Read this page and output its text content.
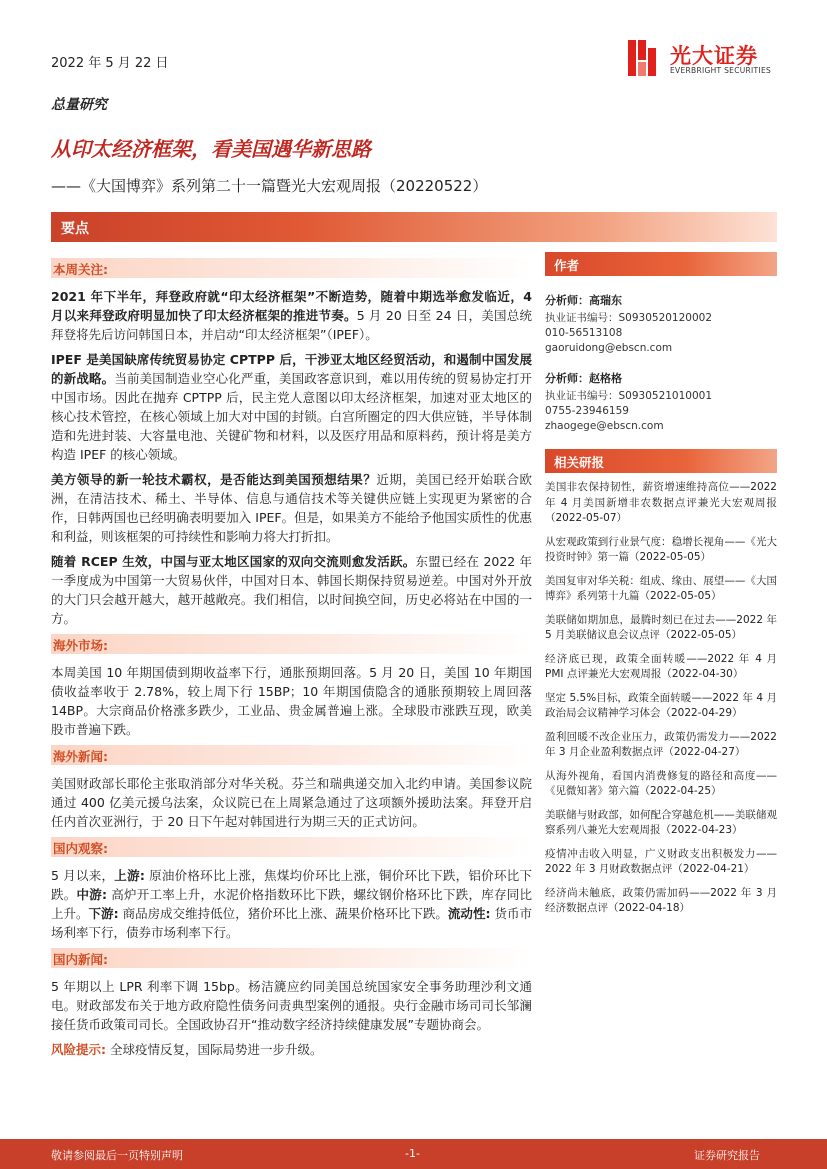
2022 年 5 月 22 日	光大证券
EVERBRIGHT SECURITIES
总量研究
从印太经济框架，看美国遇华新思路
——《大国博弈》系列第二十一篇暨光大宏观周报（20220522）
要点
本周关注:

2021 年下半年，拜登政府就“印太经济框架”不断造势，随着中期选举愈发临近，4 月以来拜登政府明显加快了印太经济框架的推进节奏。5 月 20 日至 24 日，美国总统拜登将先后访问韩国日本，并启动“印太经济框架”（IPEF）。

IPEF 是美国缺席传统贸易协定 CPTPP 后，干涉亚太地区经贸活动，和遏制中国发展的新战略。当前美国制造业空心化严重，美国政客意识到，难以用传统的贸易协定打开中国市场。因此在抛弃 CPTPP 后，民主党人意图以印太经济框架，加速对亚太地区的核心技术管控，在核心领域上加大对中国的封锁。白宫所圈定的四大供应链，半导体制造和先进封装、大容量电池、关键矿物和材料，以及医疗用品和原料药，预计将是美方构造 IPEF 的核心领域。

美方领导的新一轮技术霸权，是否能达到美国预想结果？近期，美国已经开始联合欧洲，在清洁技术、稀土、半导体、信息与通信技术等关键供应链上实现更为紧密的合作，日韩两国也已经明确表明要加入 IPEF。但是，如果美方不能给予他国实质性的优惠和利益，则该框架的可持续性和影响力将大打折扣。

随着 RCEP 生效，中国与亚太地区国家的双向交流则愈发活跃。东盟已经在 2022 年一季度成为中国第一大贸易伙伴，中国对日本、韩国长期保持贸易逆差。中国对外开放的大门只会越开越大，越开越敞亮。我们相信，以时间换空间，历史必将站在中国的一方。

海外市场:

本周美国 10 年期国债到期收益率下行，通胀预期回落。5 月 20 日，美国 10 年期国债收益率收于 2.78%，较上周下行 15BP；10 年期国债隐含的通胀预期较上周回落 14BP。大宗商品价格涨多跌少，工业品、贵金属普遍上涨。全球股市涨跌互现，欧美股市普遍下跌。

海外新闻:

美国财政部长耶伦主张取消部分对华关税。芬兰和瑞典递交加入北约申请。美国参议院通过 400 亿美元援乌法案，众议院已在上周紧急通过了这项额外援助法案。拜登开启任内首次亚洲行，于 20 日下午起对韩国进行为期三天的正式访问。

国内观察:

5 月以来，上游: 原油价格环比上涨，焦煤均价环比上涨，铜价环比下跌，铝价环比下跌。中游: 高炉开工率上升，水泥价格指数环比下跌，螺纹钢价格环比下跌，库存同比上升。下游: 商品房成交维持低位，猪价环比上涨、蔬果价格环比下跌。流动性: 货币市场利率下行，债券市场利率下行。

国内新闻:

5 年期以上 LPR 利率下调 15bp。杨洁篪应约同美国总统国家安全事务助理沙利文通电。财政部发布关于地方政府隐性债务问责典型案例的通报。央行金融市场司司长邹澜接任货币政策司司长。全国政协召开“推动数字经济持续健康发展”专题协商会。

风险提示: 全球疫情反复，国际局势进一步升级。

作者
分析师：高瑞东
执业证书编号：S0930520120002
010-56513108
gaoruidong@ebscn.com
分析师：赵格格
执业证书编号：S0930521010001
0755-23946159
zhaogege@ebscn.com
相关研报
美国非农保持韧性，薪资增速维持高位——2022 年 4 月美国新增非农数据点评兼光大宏观周报（2022-05-07）
从宏观政策到行业景气度：稳增长视角——《光大投资时钟》第一篇（2022-05-05）
美国复审对华关税：组成、缘由、展望——《大国博弈》系列第十九篇（2022-05-05）
美联储如期加息，最腾时刻已在过去——2022 年 5 月美联储议息会议点评（2022-05-05）
经济底已现，政策全面转暖——2022 年 4 月 PMI 点评兼光大宏观周报（2022-04-30）
坚定 5.5%目标，政策全面转暖——2022 年 4 月政治局会议精神学习体会（2022-04-29）
盈利回暖不改企业压力，政策仍需发力——2022 年 3 月企业盈利数据点评（2022-04-27）
从海外视角，看国内消费修复的路径和高度——《见微知著》第六篇（2022-04-25）
美联储与财政部，如何配合穿越危机——美联储观察系列八兼光大宏观周报（2022-04-23）
疫情冲击收入明显，广义财政支出积极发力——2022 年 3 月财政数据点评（2022-04-21）
经济尚未触底，政策仍需加码——2022 年 3 月经济数据点评（2022-04-18）
敬请参阅最后一页特别声明	-1-	证券研究报告
